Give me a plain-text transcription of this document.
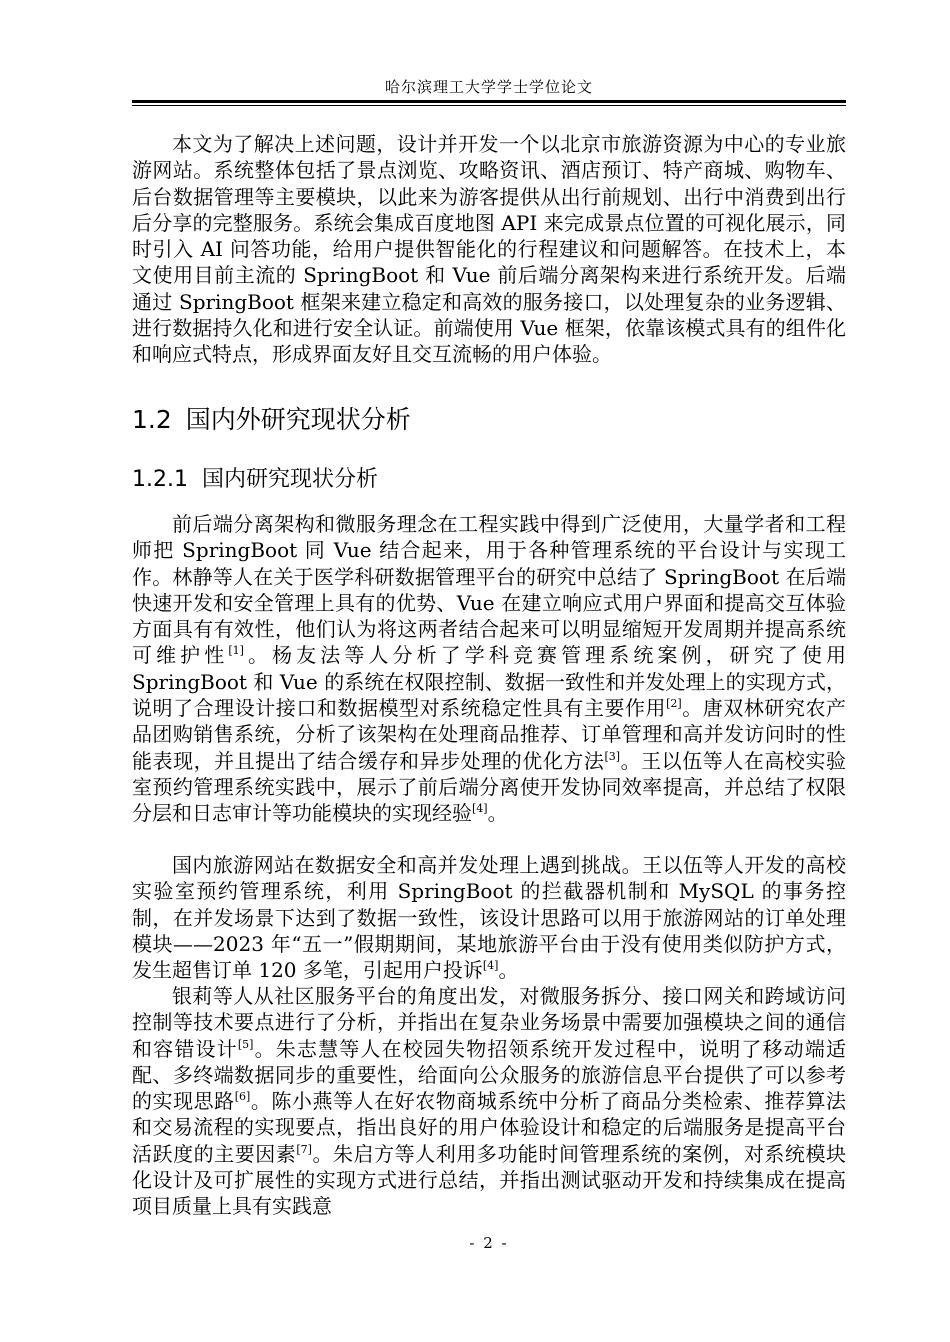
哈尔滨理工大学学士学位论文

本文为了解决上述问题，设计并开发一个以北京市旅游资源为中心的专业旅游网站。系统整体包括了景点浏览、攻略资讯、酒店预订、特产商城、购物车、后台数据管理等主要模块，以此来为游客提供从出行前规划、出行中消费到出行后分享的完整服务。系统会集成百度地图 API 来完成景点位置的可视化展示，同时引入 AI 问答功能，给用户提供智能化的行程建议和问题解答。在技术上，本文使用目前主流的 SpringBoot 和 Vue 前后端分离架构来进行系统开发。后端通过 SpringBoot 框架来建立稳定和高效的服务接口，以处理复杂的业务逻辑、进行数据持久化和进行安全认证。前端使用 Vue 框架，依靠该模式具有的组件化和响应式特点，形成界面友好且交互流畅的用户体验。

1.2 国内外研究现状分析
1.2.1 国内研究现状分析

前后端分离架构和微服务理念在工程实践中得到广泛使用，大量学者和工程师把 SpringBoot 同 Vue 结合起来，用于各种管理系统的平台设计与实现工作。林静等人在关于医学科研数据管理平台的研究中总结了 SpringBoot 在后端快速开发和安全管理上具有的优势、Vue 在建立响应式用户界面和提高交互体验方面具有有效性，他们认为将这两者结合起来可以明显缩短开发周期并提高系统可维护性[1]。杨友法等人分析了学科竞赛管理系统案例，研究了使用 SpringBoot 和 Vue 的系统在权限控制、数据一致性和并发处理上的实现方式，说明了合理设计接口和数据模型对系统稳定性具有主要作用[2]。唐双林研究农产品团购销售系统，分析了该架构在处理商品推荐、订单管理和高并发访问时的性能表现，并且提出了结合缓存和异步处理的优化方法[3]。王以伍等人在高校实验室预约管理系统实践中，展示了前后端分离使开发协同效率提高，并总结了权限分层和日志审计等功能模块的实现经验[4]。

国内旅游网站在数据安全和高并发处理上遇到挑战。王以伍等人开发的高校实验室预约管理系统，利用 SpringBoot 的拦截器机制和 MySQL 的事务控制，在并发场景下达到了数据一致性，该设计思路可以用于旅游网站的订单处理模块——2023 年“五一”假期期间，某地旅游平台由于没有使用类似防护方式，发生超售订单 120 多笔，引起用户投诉[4]。

银莉等人从社区服务平台的角度出发，对微服务拆分、接口网关和跨域访问控制等技术要点进行了分析，并指出在复杂业务场景中需要加强模块之间的通信和容错设计[5]。朱志慧等人在校园失物招领系统开发过程中，说明了移动端适配、多终端数据同步的重要性，给面向公众服务的旅游信息平台提供了可以参考的实现思路[6]。陈小燕等人在好农物商城系统中分析了商品分类检索、推荐算法和交易流程的实现要点，指出良好的用户体验设计和稳定的后端服务是提高平台活跃度的主要因素[7]。朱启方等人利用多功能时间管理系统的案例，对系统模块化设计及可扩展性的实现方式进行总结，并指出测试驱动开发和持续集成在提高项目质量上具有实践意

- 2 -
